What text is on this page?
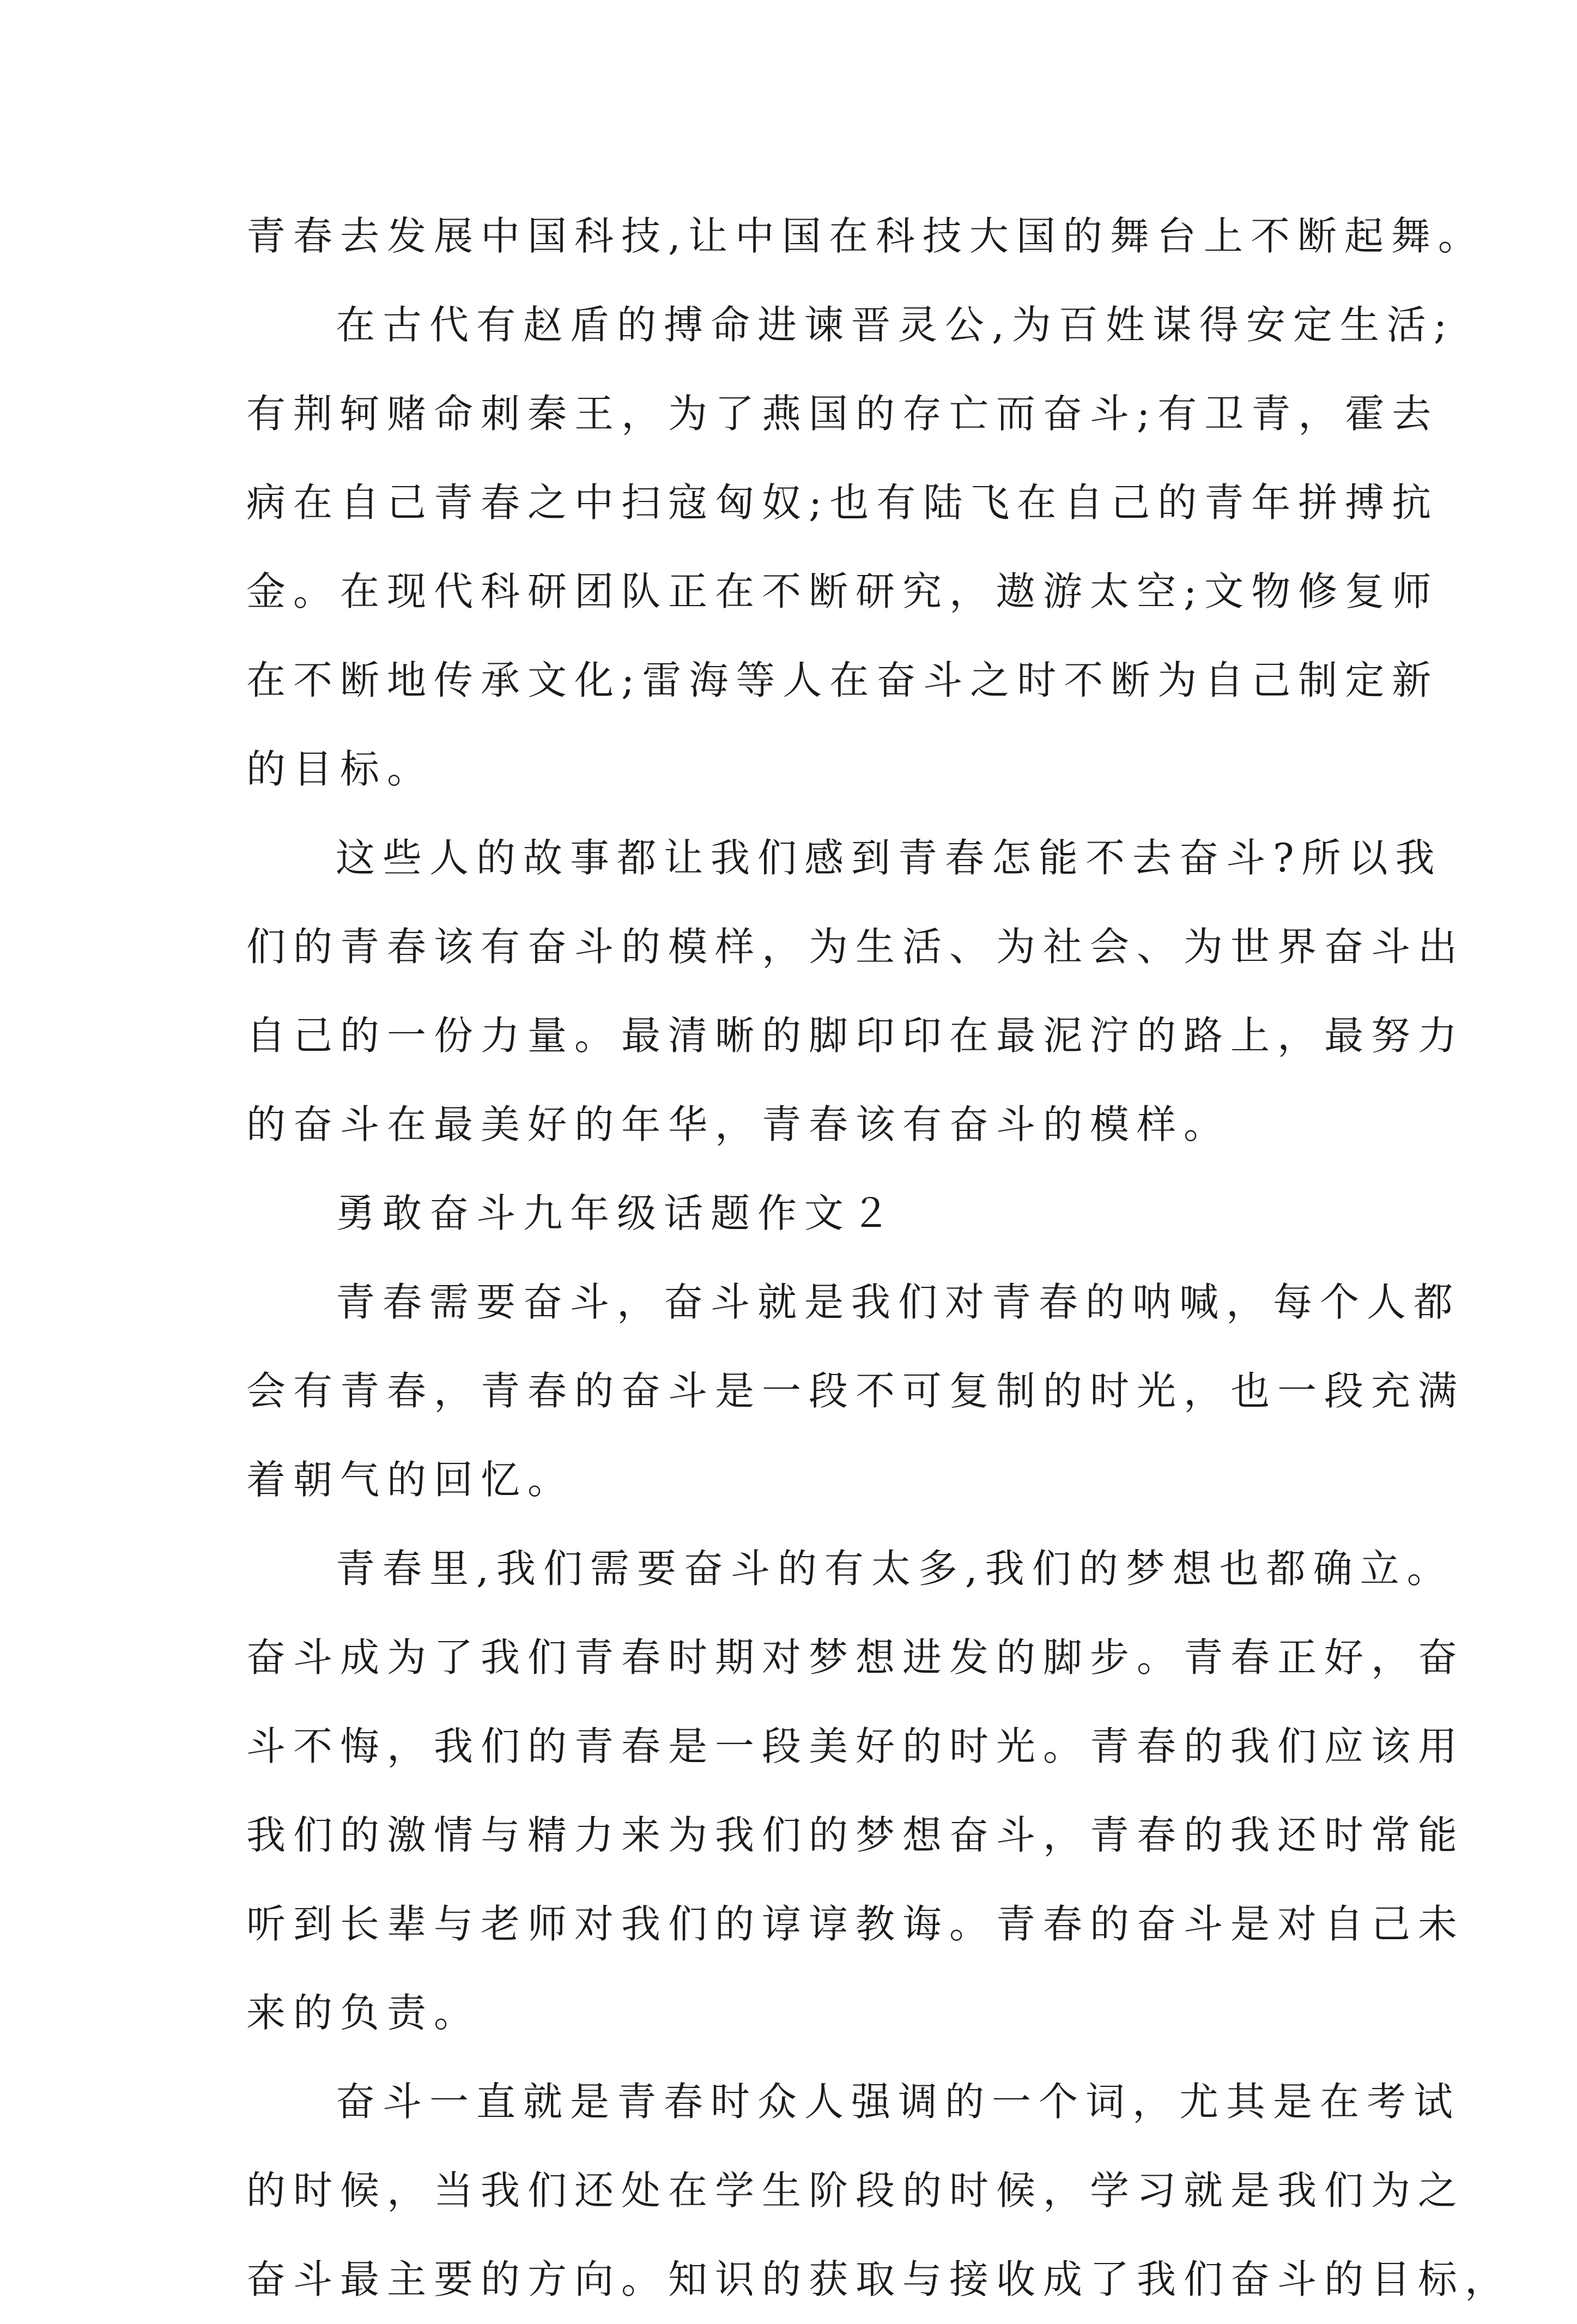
青春去发展中国科技,让中国在科技大国的舞台上不断起舞。

在古代有赵盾的搏命进谏晋灵公,为百姓谋得安定生活;

有荆轲赌命刺秦王，为了燕国的存亡而奋斗;有卫青，霍去
病在自己青春之中扫寇匈奴;也有陆飞在自己的青年拼搏抗
金。在现代科研团队正在不断研究，遨游太空;文物修复师
在不断地传承文化;雷海等人在奋斗之时不断为自己制定新
的目标。

这些人的故事都让我们感到青春怎能不去奋斗?所以我

们的青春该有奋斗的模样，为生活、为社会、为世界奋斗出
自己的一份力量。最清晰的脚印印在最泥泞的路上，最努力
的奋斗在最美好的年华，青春该有奋斗的模样。

勇敢奋斗九年级话题作文２

青春需要奋斗，奋斗就是我们对青春的呐喊，每个人都

会有青春，青春的奋斗是一段不可复制的时光，也一段充满
着朝气的回忆。

青春里,我们需要奋斗的有太多,我们的梦想也都确立。

奋斗成为了我们青春时期对梦想进发的脚步。青春正好，奋
斗不悔，我们的青春是一段美好的时光。青春的我们应该用
我们的激情与精力来为我们的梦想奋斗，青春的我还时常能
听到长辈与老师对我们的谆谆教诲。青春的奋斗是对自己未
来的负责。

奋斗一直就是青春时众人强调的一个词，尤其是在考试

的时候，当我们还处在学生阶段的时候，学习就是我们为之
奋斗最主要的方向。知识的获取与接收成了我们奋斗的目标，
